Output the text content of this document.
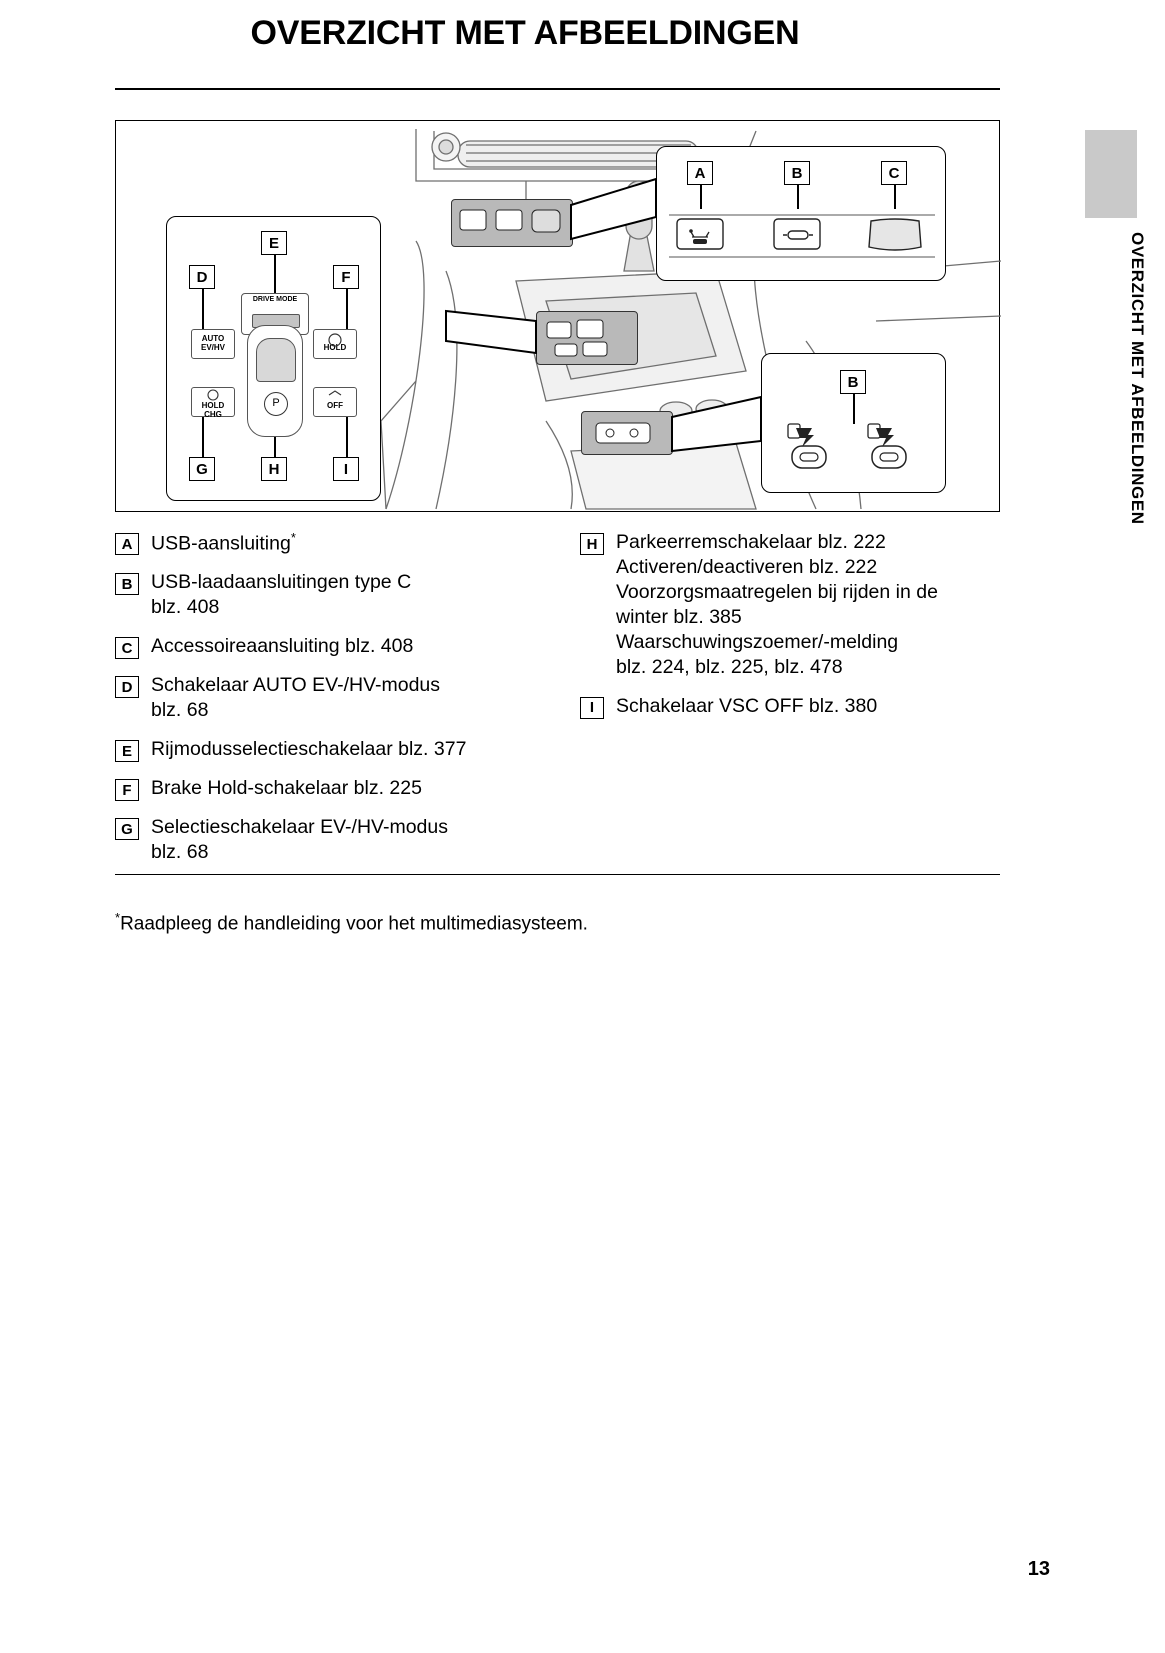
OVERZICHT MET AFBEELDINGEN
OVERZICHT MET AFBEELDINGEN
A	B	C
B
E
D	F
G	H	I
DRIVE MODE
AUTO EV/HV
HOLD CHG
HOLD
OFF
P
A USB-aansluiting*
B USB-laadaansluitingen type C
blz. 408
C Accessoireaansluiting blz. 408
D Schakelaar AUTO EV-/HV-modus
blz. 68
E Rijmodusselectieschakelaar blz. 377
F Brake Hold-schakelaar blz. 225
G Selectieschakelaar EV-/HV-modus
blz. 68
H Parkeerremschakelaar blz. 222
Activeren/deactiveren blz. 222
Voorzorgsmaatregelen bij rijden in de
winter blz. 385
Waarschuwingszoemer/-melding
blz. 224, blz. 225, blz. 478
I	Schakelaar VSC OFF blz. 380
*Raadpleeg de handleiding voor het multimediasysteem.
13
